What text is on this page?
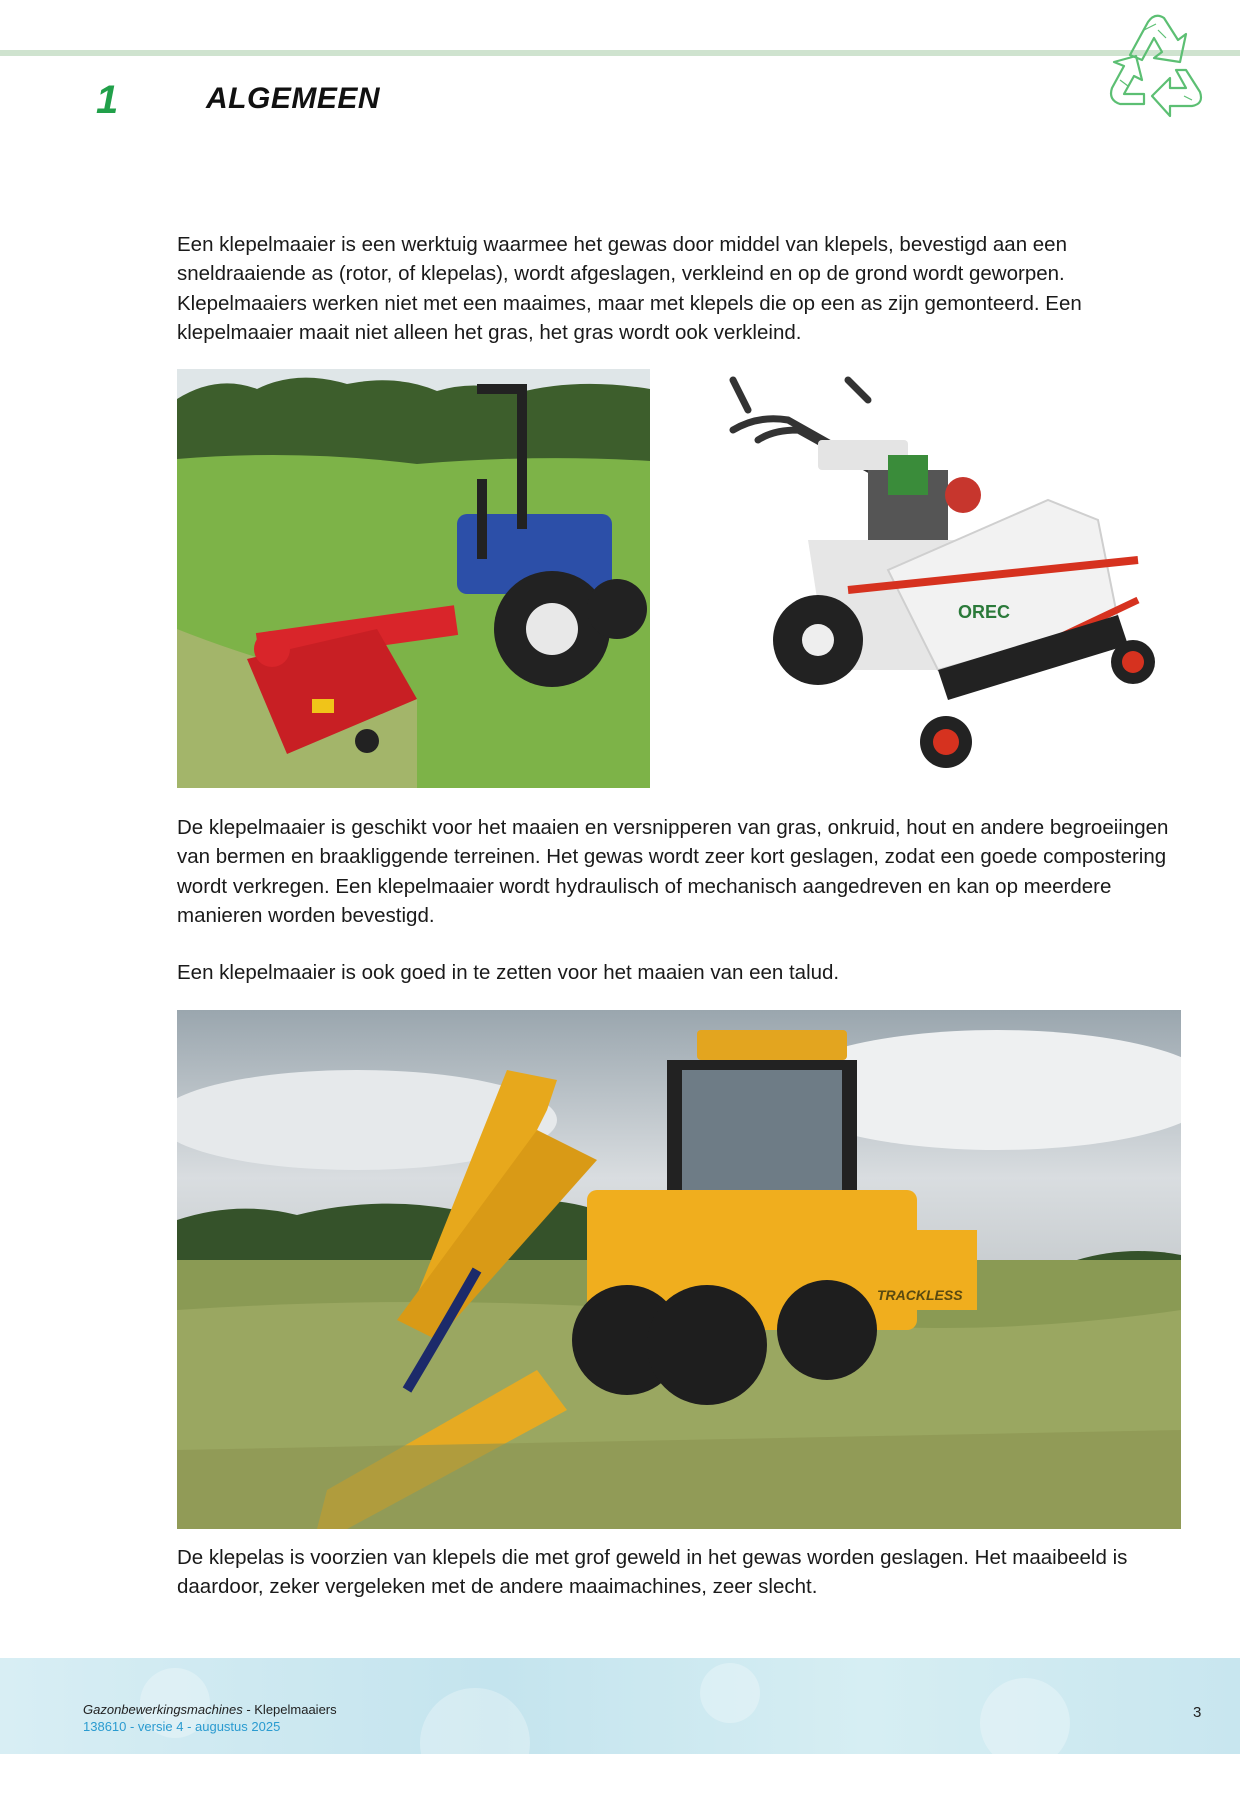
1	ALGEMEEN

Een klepelmaaier is een werktuig waarmee het gewas door middel van klepels, bevestigd aan een sneldraaiende as (rotor, of klepelas), wordt afgeslagen, verkleind en op de grond wordt geworpen. Klepelmaaiers werken niet met een maaimes, maar met klepels die op een as zijn gemonteerd. Een klepelmaaier maait niet alleen het gras, het gras wordt ook verkleind.

OREC

De klepelmaaier is geschikt voor het maaien en versnipperen van gras, onkruid, hout en andere begroeiingen van bermen en braakliggende terreinen. Het gewas wordt zeer kort geslagen, zodat een goede compostering wordt verkregen. Een klepelmaaier wordt hydraulisch of mechanisch aangedreven en kan op meerdere manieren worden bevestigd.

Een klepelmaaier is ook goed in te zetten voor het maaien van een talud.

TRACKLESS

De klepelas is voorzien van klepels die met grof geweld in het gewas worden geslagen. Het maaibeeld is daardoor, zeker vergeleken met de andere maaimachines, zeer slecht.

Gazonbewerkingsmachines - Klepelmaaiers
138610 - versie 4 - augustus 2025
3
